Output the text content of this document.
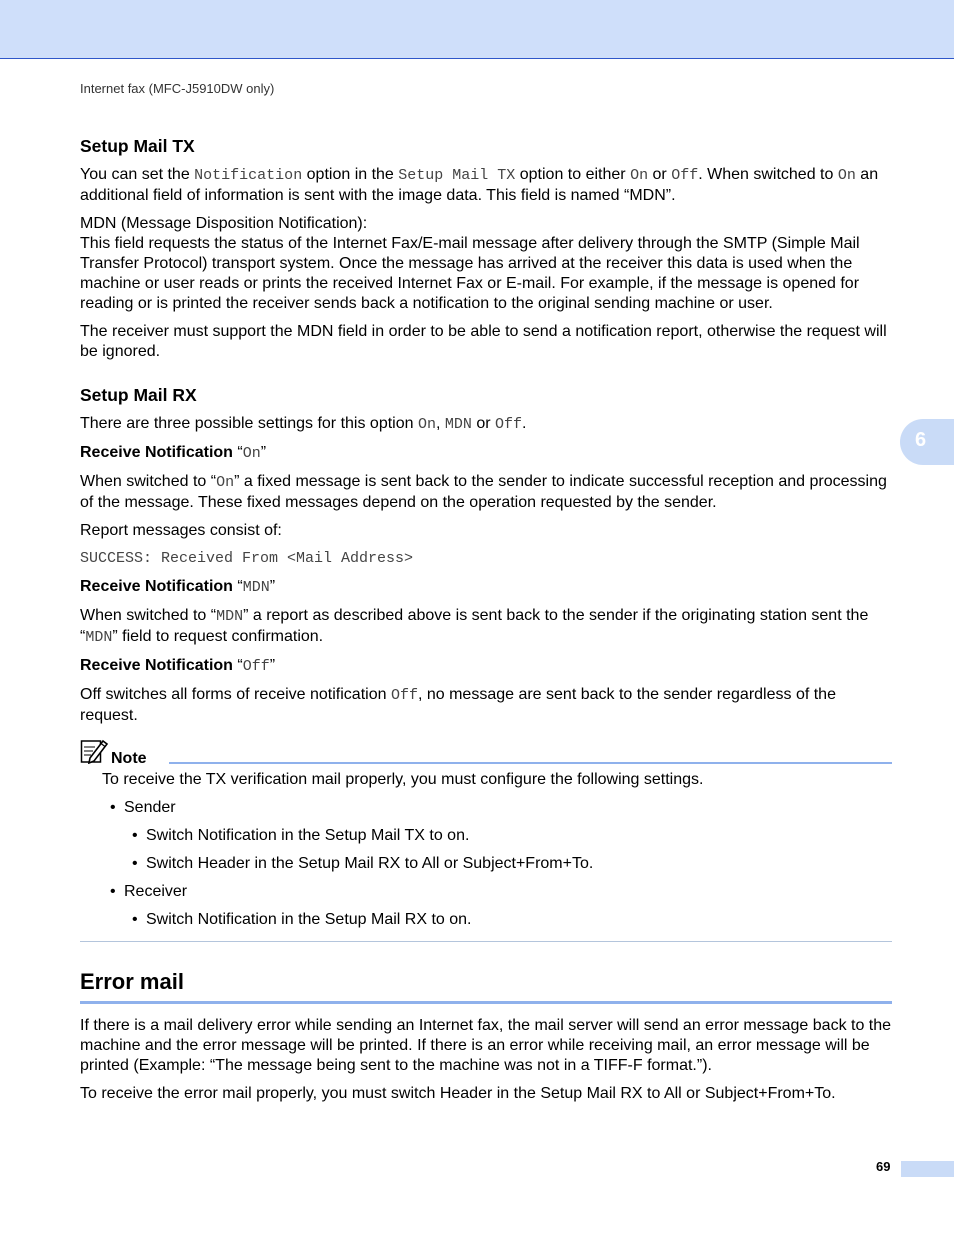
Internet fax (MFC-J5910DW only)
6
Setup Mail TX

You can set the Notification option in the Setup Mail TX option to either On or Off. When switched to On an additional field of information is sent with the image data. This field is named “MDN”.

MDN (Message Disposition Notification):
This field requests the status of the Internet Fax/E-mail message after delivery through the SMTP (Simple Mail Transfer Protocol) transport system. Once the message has arrived at the receiver this data is used when the machine or user reads or prints the received Internet Fax or E-mail. For example, if the message is opened for reading or is printed the receiver sends back a notification to the original sending machine or user.

The receiver must support the MDN field in order to be able to send a notification report, otherwise the request will be ignored.

Setup Mail RX

There are three possible settings for this option On, MDN or Off.

Receive Notification “On”

When switched to “On” a fixed message is sent back to the sender to indicate successful reception and processing of the message. These fixed messages depend on the operation requested by the sender.

Report messages consist of:

SUCCESS: Received From <Mail Address>

Receive Notification “MDN”

When switched to “MDN” a report as described above is sent back to the sender if the originating station sent the “MDN” field to request confirmation.

Receive Notification “Off”

Off switches all forms of receive notification Off, no message are sent back to the sender regardless of the request.

Note

To receive the TX verification mail properly, you must configure the following settings.

• Sender
• Switch Notification in the Setup Mail TX to on.
• Switch Header in the Setup Mail RX to All or Subject+From+To.
• Receiver
• Switch Notification in the Setup Mail RX to on.
Error mail

If there is a mail delivery error while sending an Internet fax, the mail server will send an error message back to the machine and the error message will be printed. If there is an error while receiving mail, an error message will be printed (Example: “The message being sent to the machine was not in a TIFF-F format.”).

To receive the error mail properly, you must switch Header in the Setup Mail RX to All or Subject+From+To.

69
